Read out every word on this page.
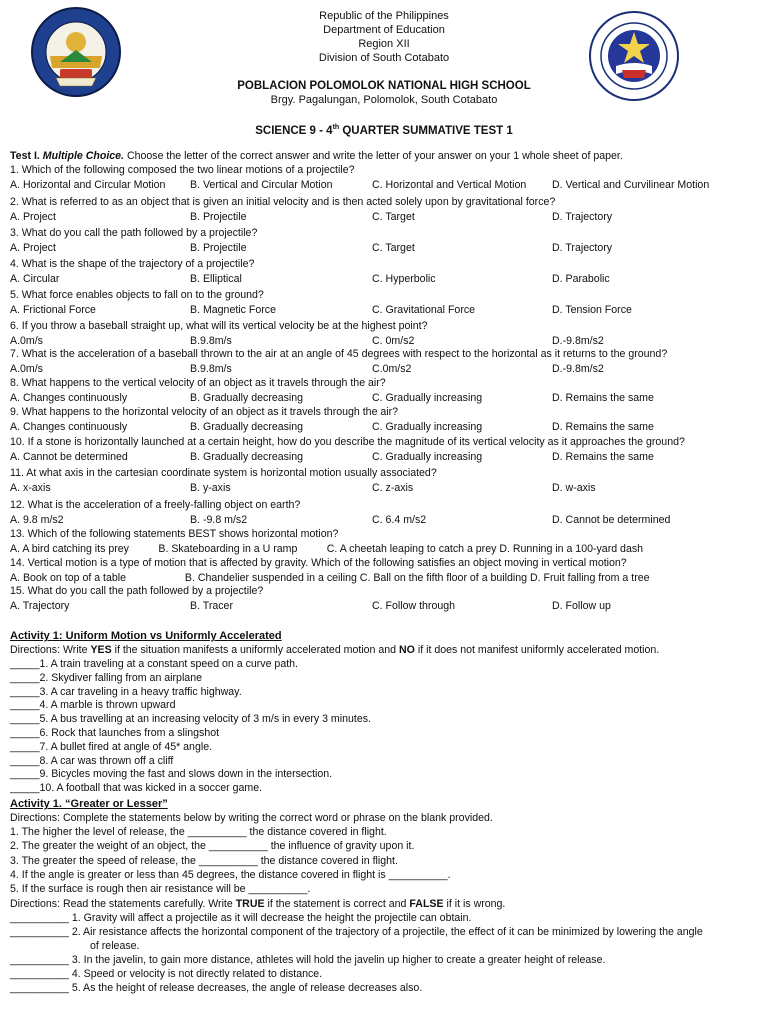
Republic of the Philippines
Department of Education
Region XII
Division of South Cotabato
POBLACION POLOMOLOK NATIONAL HIGH SCHOOL
Brgy. Pagalungan, Polomolok, South Cotabato
SCIENCE 9 - 4th QUARTER SUMMATIVE TEST 1
Test I. Multiple Choice. Choose the letter of the correct answer and write the letter of your answer on your 1 whole sheet of paper.
1. Which of the following composed the two linear motions of a projectile?
A. Horizontal and Circular Motion B. Vertical and Circular Motion	C. Horizontal and Vertical Motion D. Vertical and Curvilinear Motion
2. What is referred to as an object that is given an initial velocity and is then acted solely upon by gravitational force?
A. Project	B. Projectile	C. Target	D. Trajectory
3. What do you call the path followed by a projectile?
A. Project	B. Projectile	C. Target	D. Trajectory
4. What is the shape of the trajectory of a projectile?
A. Circular	B. Elliptical	C. Hyperbolic	D. Parabolic
5. What force enables objects to fall on to the ground?
A. Frictional Force	B. Magnetic Force	C. Gravitational Force	D. Tension Force
6. If you throw a baseball straight up, what will its vertical velocity be at the highest point?
A.0m/s	B.9.8m/s	C. 0m/s2	D.-9.8m/s2
7. What is the acceleration of a baseball thrown to the air at an angle of 45 degrees with respect to the horizontal as it returns to the ground?
A.0m/s	B.9.8m/s	C.0m/s2	D.-9.8m/s2
8. What happens to the vertical velocity of an object as it travels through the air?
A. Changes continuously	B. Gradually decreasing	C. Gradually increasing	D. Remains the same
9. What happens to the horizontal velocity of an object as it travels through the air?
A. Changes continuously	B. Gradually decreasing	C. Gradually increasing	D. Remains the same
10. If a stone is horizontally launched at a certain height, how do you describe the magnitude of its vertical velocity as it approaches the ground?
A. Cannot be determined	B. Gradually decreasing	C. Gradually increasing	D. Remains the same
11. At what axis in the cartesian coordinate system is horizontal motion usually associated?
A. x-axis	B. y-axis	C. z-axis	D. w-axis
12. What is the acceleration of a freely-falling object on earth?
A. 9.8 m/s2	B. -9.8 m/s2	C. 6.4 m/s2	D. Cannot be determined
13. Which of the following statements BEST shows horizontal motion?
A. A bird catching its prey          B. Skateboarding in a U ramp          C. A cheetah leaping to catch a prey D. Running in a 100-yard dash
14. Vertical motion is a type of motion that is affected by gravity. Which of the following satisfies an object moving in vertical motion?
A. Book on top of a table                    B. Chandelier suspended in a ceiling C. Ball on the fifth floor of a building D. Fruit falling from a tree
15. What do you call the path followed by a projectile?
A. Trajectory	B. Tracer	C. Follow through	D. Follow up
Activity 1: Uniform Motion vs Uniformly Accelerated
Directions: Write YES if the situation manifests a uniformly accelerated motion and NO if it does not manifest uniformly accelerated motion.
_____1. A train traveling at a constant speed on a curve path.
_____2. Skydiver falling from an airplane
_____3. A car traveling in a heavy traffic highway.
_____4. A marble is thrown upward
_____5. A bus travelling at an increasing velocity of 3 m/s in every 3 minutes.
_____6. Rock that launches from a slingshot
_____7. A bullet fired at angle of 45* angle.
_____8. A car was thrown off a cliff
_____9. Bicycles moving the fast and slows down in the intersection.
_____10. A football that was kicked in a soccer game.
Activity 1. “Greater or Lesser”
Directions: Complete the statements below by writing the correct word or phrase on the blank provided.
1. The higher the level of release, the __________ the distance covered in flight.
2. The greater the weight of an object, the __________ the influence of gravity upon it.
3. The greater the speed of release, the __________ the distance covered in flight.
4. If the angle is greater or less than 45 degrees, the distance covered in flight is __________.
5. If the surface is rough then air resistance will be __________.
Directions: Read the statements carefully. Write TRUE if the statement is correct and FALSE if it is wrong.
__________ 1. Gravity will affect a projectile as it will decrease the height the projectile can obtain.
__________ 2. Air resistance affects the horizontal component of the trajectory of a projectile, the effect of it can be minimized by lowering the angle
of release.
__________ 3. In the javelin, to gain more distance, athletes will hold the javelin up higher to create a greater height of release.
__________ 4. Speed or velocity is not directly related to distance.
__________ 5. As the height of release decreases, the angle of release decreases also.
